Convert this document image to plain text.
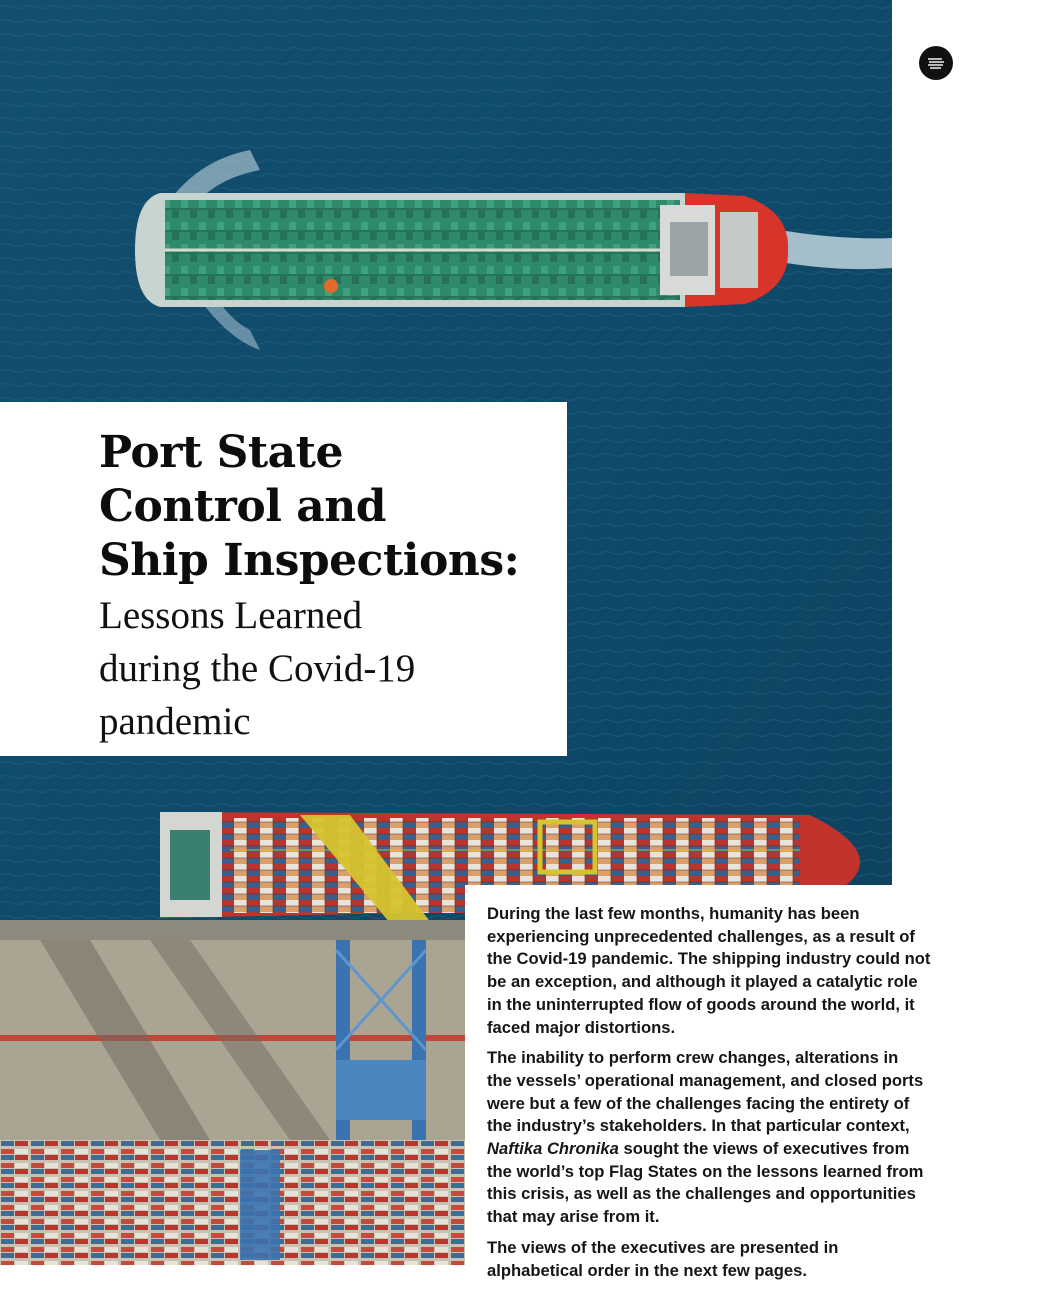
Port State
Control and
Ship Inspections:
Lessons Learned
during the Covid-19
pandemic

During the last few months, humanity has been
experiencing unprecedented challenges, as a result of
the Covid-19 pandemic. The shipping industry could not
be an exception, and although it played a catalytic role
in the uninterrupted flow of goods around the world, it
faced major distortions.

The inability to perform crew changes, alterations in
the vessels’ operational management, and closed ports
were but a few of the challenges facing the entirety of
the industry’s stakeholders. In that particular context,
Naftika Chronika sought the views of executives from
the world’s top Flag States on the lessons learned from
this crisis, as well as the challenges and opportunities
that may arise from it.

The views of the executives are presented in
alphabetical order in the next few pages.
